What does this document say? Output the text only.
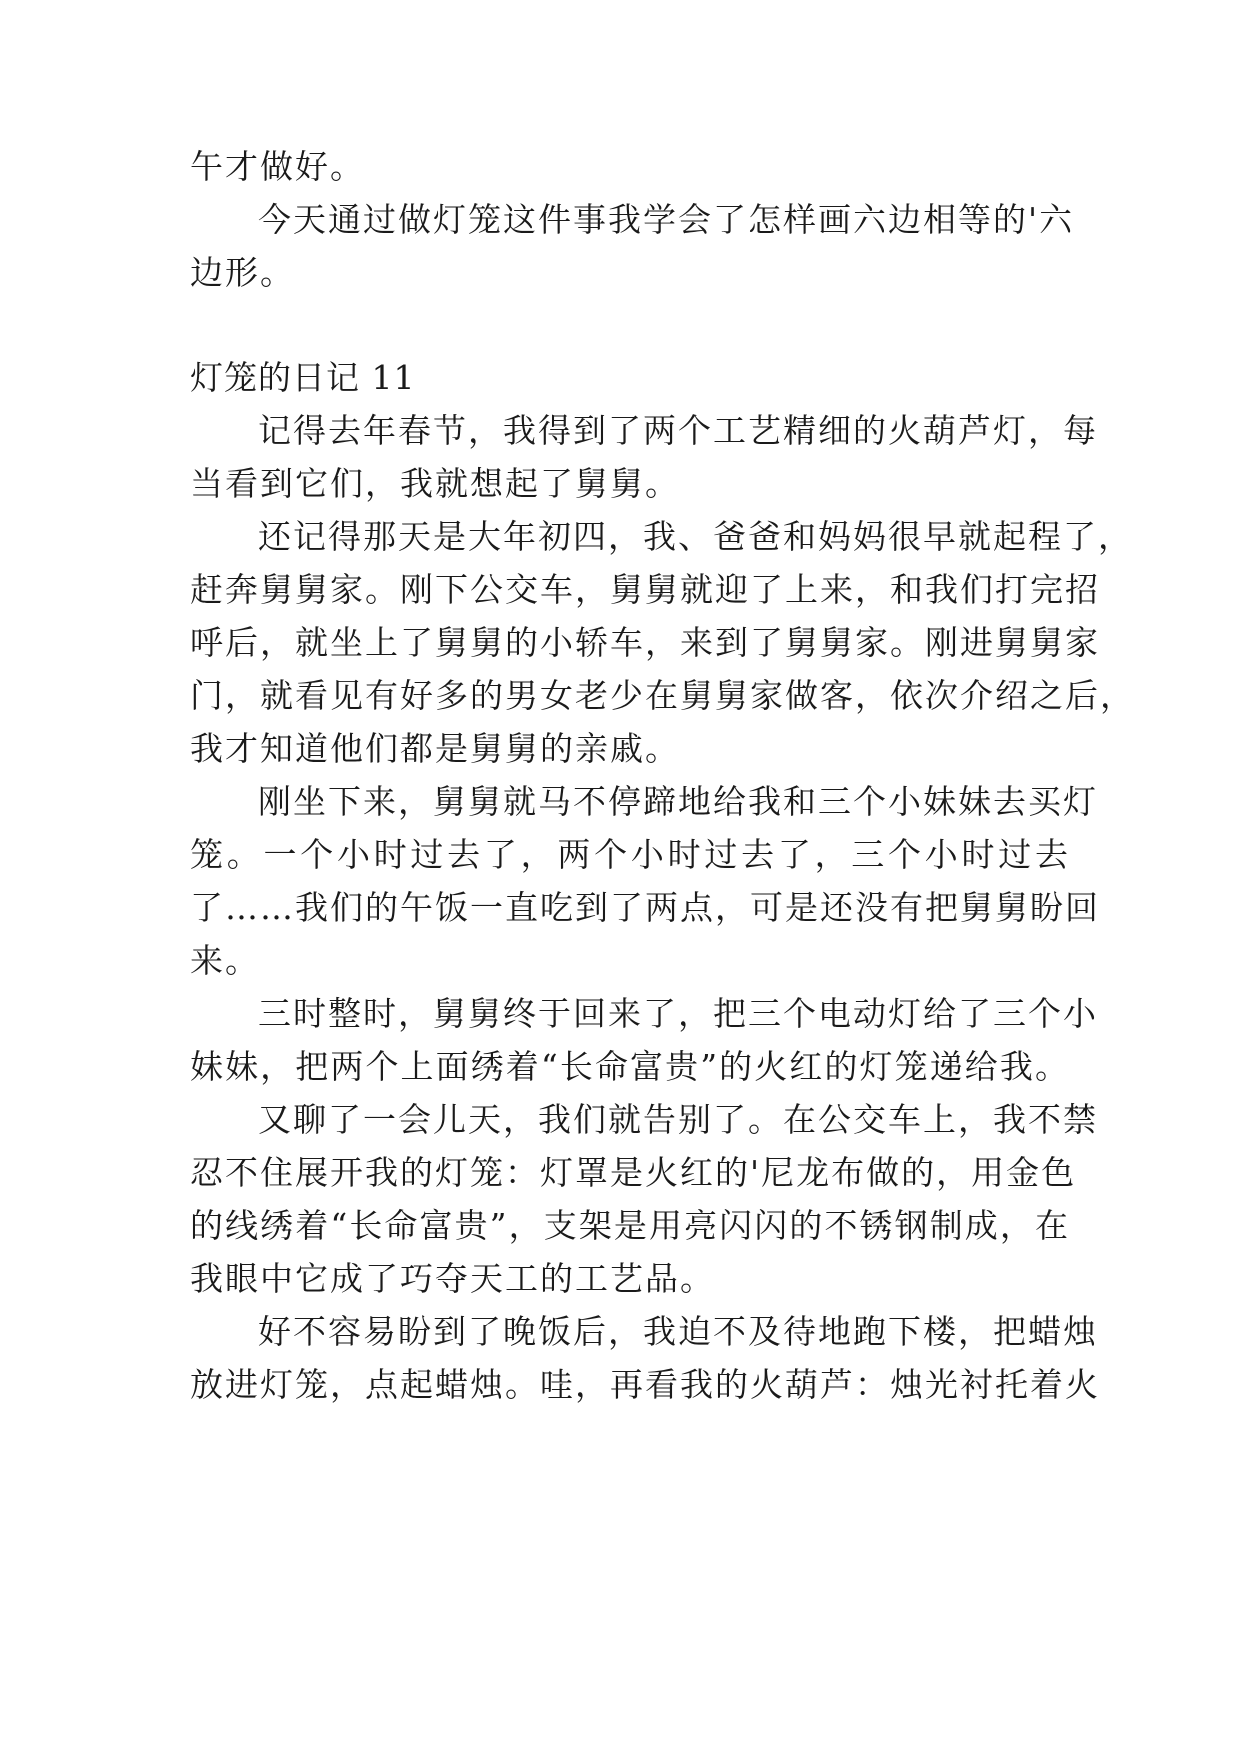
午才做好。
今天通过做灯笼这件事我学会了怎样画六边相等的'六
边形。
灯笼的日记 11
记得去年春节，我得到了两个工艺精细的火葫芦灯，每
当看到它们，我就想起了舅舅。
还记得那天是大年初四，我、爸爸和妈妈很早就起程了，
赶奔舅舅家。刚下公交车，舅舅就迎了上来，和我们打完招
呼后，就坐上了舅舅的小轿车，来到了舅舅家。刚进舅舅家
门，就看见有好多的男女老少在舅舅家做客，依次介绍之后，
我才知道他们都是舅舅的亲戚。
刚坐下来，舅舅就马不停蹄地给我和三个小妹妹去买灯
笼。一个小时过去了，两个小时过去了，三个小时过去
了……我们的午饭一直吃到了两点，可是还没有把舅舅盼回
来。
三时整时，舅舅终于回来了，把三个电动灯给了三个小
妹妹，把两个上面绣着“长命富贵”的火红的灯笼递给我。
又聊了一会儿天，我们就告别了。在公交车上，我不禁
忍不住展开我的灯笼：灯罩是火红的'尼龙布做的，用金色
的线绣着“长命富贵”，支架是用亮闪闪的不锈钢制成，在
我眼中它成了巧夺天工的工艺品。
好不容易盼到了晚饭后，我迫不及待地跑下楼，把蜡烛
放进灯笼，点起蜡烛。哇，再看我的火葫芦：烛光衬托着火
